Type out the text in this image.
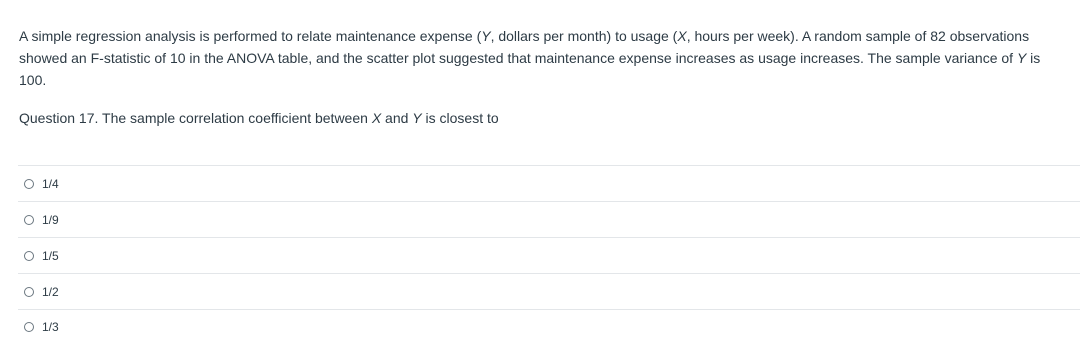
A simple regression analysis is performed to relate maintenance expense (Y, dollars per month) to usage (X, hours per week). A random sample of 82 observations showed an F-statistic of 10 in the ANOVA table, and the scatter plot suggested that maintenance expense increases as usage increases. The sample variance of Y is 100.

Question 17. The sample correlation coefficient between X and Y is closest to

1/4
1/9
1/5
1/2
1/3
